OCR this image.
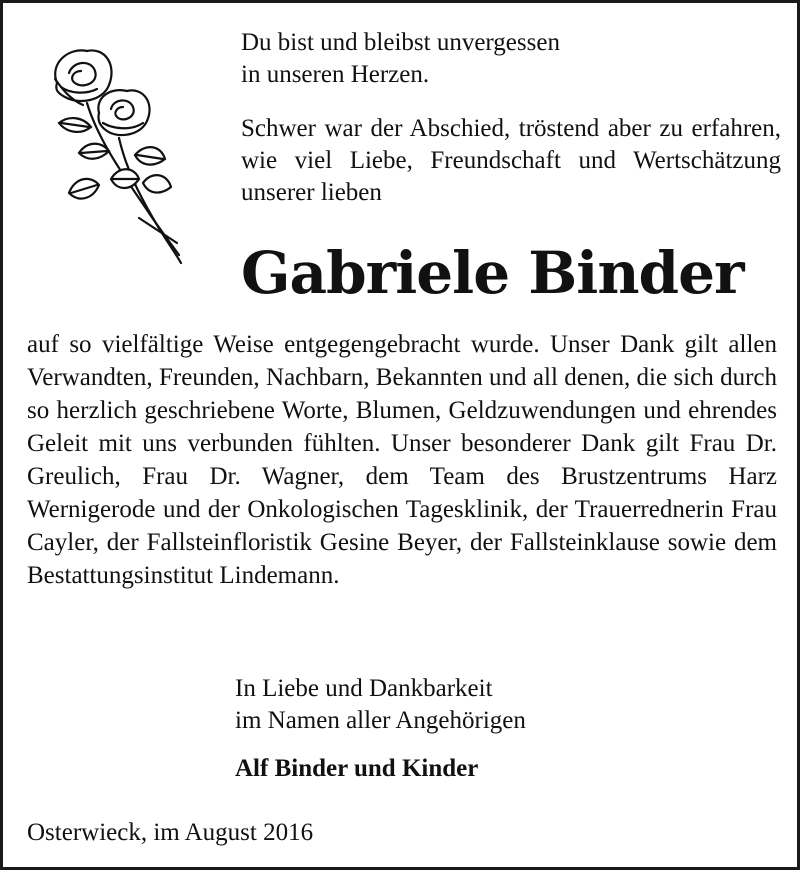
Du bist und bleibst unvergessen
in unseren Herzen.

Schwer war der Abschied, tröstend aber zu erfahren, wie viel Liebe, Freundschaft und Wertschätzung unserer lieben

Gabriele Binder

auf so vielfältige Weise entgegengebracht wurde. Unser Dank gilt allen Verwandten, Freunden, Nachbarn, Bekannten und all denen, die sich durch so herzlich geschriebene Worte, Blumen, Geldzuwendungen und ehrendes Geleit mit uns verbunden fühlten. Unser besonderer Dank gilt Frau Dr. Greulich, Frau Dr. Wagner, dem Team des Brustzentrums Harz Wernigerode und der Onkologischen Tagesklinik, der Trauerrednerin Frau Cayler, der Fallsteinfloristik Gesine Beyer, der Fallsteinklause sowie dem Bestattungsinstitut Lindemann.

In Liebe und Dankbarkeit
im Namen aller Angehörigen
Alf Binder und Kinder
Osterwieck, im August 2016
